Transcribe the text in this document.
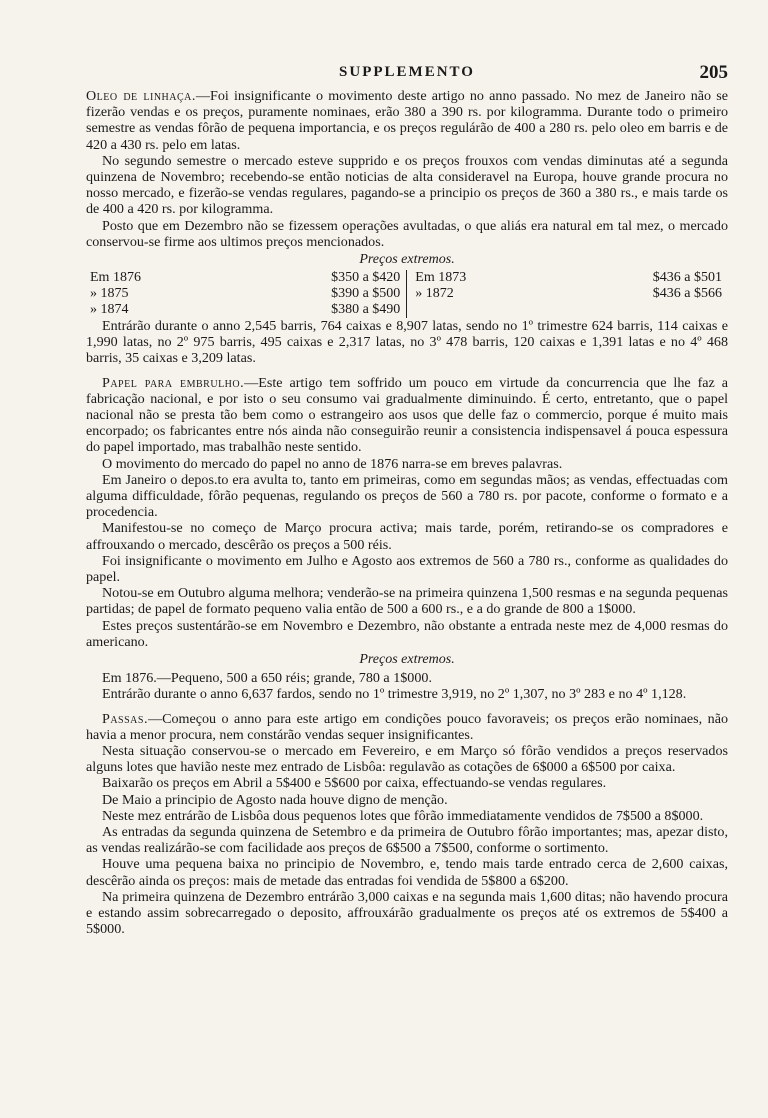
SUPPLEMENTO	205

Oleo de linhaça.—Foi insignificante o movimento deste artigo no anno passado. No mez de Janeiro não se fizerão vendas e os preços, puramente nominaes, erão 380 a 390 rs. por kilogramma. Durante todo o primeiro semestre as vendas fôrão de pequena importancia, e os preços regulárão de 400 a 280 rs. pelo oleo em barris e de 420 a 430 rs. pelo em latas.

No segundo semestre o mercado esteve supprido e os preços frouxos com vendas diminutas até a segunda quinzena de Novembro; recebendo-se então noticias de alta consideravel na Europa, houve grande procura no nosso mercado, e fizerão-se vendas regulares, pagando-se a principio os preços de 360 a 380 rs., e mais tarde os de 400 a 420 rs. por kilogramma.

Posto que em Dezembro não se fizessem operações avultadas, o que aliás era natural em tal mez, o mercado conservou-se firme aos ultimos preços mencionados.

Preços extremos.
Em 1876	$350 a $420		Em 1873	$436 a $501
» 1875	$390 a $500		» 1872	$436 a $566
» 1874	$380 a $490			

Entrárão durante o anno 2,545 barris, 764 caixas e 8,907 latas, sendo no 1º trimestre 624 barris, 114 caixas e 1,990 latas, no 2º 975 barris, 495 caixas e 2,317 latas, no 3º 478 barris, 120 caixas e 1,391 latas e no 4º 468 barris, 35 caixas e 3,209 latas.

Papel para embrulho.—Este artigo tem soffrido um pouco em virtude da concurrencia que lhe faz a fabricação nacional, e por isto o seu consumo vai gradualmente diminuindo. É certo, entretanto, que o papel nacional não se presta tão bem como o estrangeiro aos usos que delle faz o commercio, porque é muito mais encorpado; os fabricantes entre nós ainda não conseguirão reunir a consistencia indispensavel á pouca espessura do papel importado, mas trabalhão neste sentido.

O movimento do mercado do papel no anno de 1876 narra-se em breves palavras.

Em Janeiro o depos.to era avulta to, tanto em primeiras, como em segundas mãos; as vendas, effectuadas com alguma difficuldade, fôrão pequenas, regulando os preços de 560 a 780 rs. por pacote, conforme o formato e a procedencia.

Manifestou-se no começo de Março procura activa; mais tarde, porém, retirando-se os compradores e affrouxando o mercado, descêrão os preços a 500 réis.

Foi insignificante o movimento em Julho e Agosto aos extremos de 560 a 780 rs., conforme as qualidades do papel.

Notou-se em Outubro alguma melhora; venderão-se na primeira quinzena 1,500 resmas e na segunda pequenas partidas; de papel de formato pequeno valia então de 500 a 600 rs., e a do grande de 800 a 1$000.

Estes preços sustentárão-se em Novembro e Dezembro, não obstante a entrada neste mez de 4,000 resmas do americano.

Preços extremos.

Em 1876.—Pequeno, 500 a 650 réis; grande, 780 a 1$000.

Entrárão durante o anno 6,637 fardos, sendo no 1º trimestre 3,919, no 2º 1,307, no 3º 283 e no 4º 1,128.

Passas.—Começou o anno para este artigo em condições pouco favoraveis; os preços erão nominaes, não havia a menor procura, nem constárão vendas sequer insignificantes.

Nesta situação conservou-se o mercado em Fevereiro, e em Março só fôrão vendidos a preços reservados alguns lotes que havião neste mez entrado de Lisbôa: regulavão as cotações de 6$000 a 6$500 por caixa.

Baixarão os preços em Abril a 5$400 e 5$600 por caixa, effectuando-se vendas regulares.

De Maio a principio de Agosto nada houve digno de menção.

Neste mez entrárão de Lisbôa dous pequenos lotes que fôrão immediatamente vendidos de 7$500 a 8$000.

As entradas da segunda quinzena de Setembro e da primeira de Outubro fôrão importantes; mas, apezar disto, as vendas realizárão-se com facilidade aos preços de 6$500 a 7$500, conforme o sortimento.

Houve uma pequena baixa no principio de Novembro, e, tendo mais tarde entrado cerca de 2,600 caixas, descêrão ainda os preços: mais de metade das entradas foi vendida de 5$800 a 6$200.

Na primeira quinzena de Dezembro entrárão 3,000 caixas e na segunda mais 1,600 ditas; não havendo procura e estando assim sobrecarregado o deposito, affrouxárão gradualmente os preços até os extremos de 5$400 a 5$000.
